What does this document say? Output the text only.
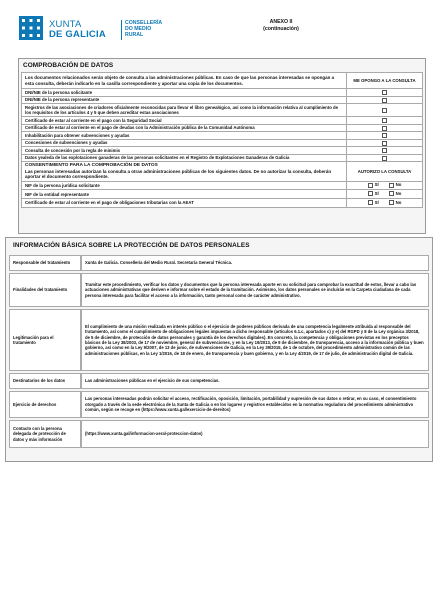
XUNTA
DE GALICIA
CONSELLERÍA
DO MEDIO
RURAL
ANEXO II
(continuación)
COMPROBACIÓN DE DATOS
Los documentos relacionados serán objeto de consulta a las administraciones públicas. En caso de que las personas interesadas se opongan a esta consulta, deberán indicarlo en la casilla correspondiente y aportar una copia de los documentos.	ME OPONGO A LA CONSULTA
DNI/NIE de la persona solicitante	
DNI/NIE de la persona representante	
Registros de las asociaciones de criadores oficialmente reconocidas para llevar el libro genealógico, así como la información relativa al cumplimiento de los requisitos de los artículos 4 y 5 que deben acreditar estas asociaciones	
Certificado de estar al corriente en el pago con la Seguridad Social	
Certificado de estar al corriente en el pago de deudas con la Administración pública de la Comunidad Autónoma	
Inhabilitación para obtener subvenciones y ayudas	
Concesiones de subvenciones y ayudas	
Consulta de concesión por la regla de minimis	
Datos yealeda de las explotaciones ganaderas de las personas solicitantes en el Registro de Explotaciones Ganaderas de Galicia	

CONSENTIMIENTO PARA LA COMPROBACIÓN DE DATOS
Las personas interesadas autorizan la consulta a otras administraciones públicas de los siguientes datos. De no autorizar la consulta, deberán aportar el documento correspondiente.	AUTORIZO LA CONSULTA
NIF de la persona jurídica solicitante	SÍ No

NIF de la entidad representante	SÍ No

Certificado de estar al corriente en el pago de obligaciones tributarias con la AEAT	SÍ No
INFORMACIÓN BÁSICA SOBRE LA PROTECCIÓN DE DATOS PERSONALES
Responsable del tratamiento	Xunta de Galicia. Consellería del Medio Rural. Secretaría General Técnica.
Finalidades del tratamiento	Tramitar este procedimiento, verificar los datos y documentos que la persona interesada aporte en su solicitud para comprobar la exactitud de estos, llevar a cabo las actuaciones administrativas que deriven e informar sobre el estado de la tramitación. Asimismo, los datos personales se incluirán en la Carpeta ciudadana de cada persona interesada para facilitar el acceso a la información, tanto personal como de carácter administrativo.
Legitimación para el tratamiento	El cumplimiento de una misión realizada en interés público o el ejercicio de poderes públicos derivada de una competencia legalmente atribuida al responsable del tratamiento, así como el cumplimiento de obligaciones legales impuestas a dicho responsable (artículos 6.1.c, apartados c) y e) del RGPD y 8 de la Ley orgánica 3/2018, de 5 de diciembre, de protección de datos personales y garantía de los derechos digitales). En concreto, la competencia y obligaciones previstas en los preceptos básicos de la Ley 38/2003, de 17 de noviembre, general de subvenciones, y en la Ley 19/2013, de 9 de diciembre, de transparencia, acceso a la información pública y buen gobierno, así como en la Ley 9/2007, de 13 de junio, de subvenciones de Galicia, en la Ley 39/2015, de 1 de octubre, del procedimiento administrativo común de las administraciones públicas, en la Ley 1/2016, de 18 de enero, de transparencia y buen gobierno, y en la Ley 4/2019, de 17 de julio, de administración digital de Galicia.
Destinatarios de los datos	Las administraciones públicas en el ejercicio de sus competencias.
Ejercicio de derechos	Las personas interesadas podrán solicitar el acceso, rectificación, oposición, limitación, portabilidad y supresión de sus datos o retirar, en su caso, el consentimiento otorgado a través de la sede electrónica de la Xunta de Galicia o en los lugares y registros establecidos en la normativa reguladora del procedimiento administrativo común, según se recoge en (https://www.xunta.gal/exercicio-de-dereitos)
Contacto con la persona delegada de protección de datos y más información	(https://www.xunta.gal/informacion-xeral-proteccion-datos)
